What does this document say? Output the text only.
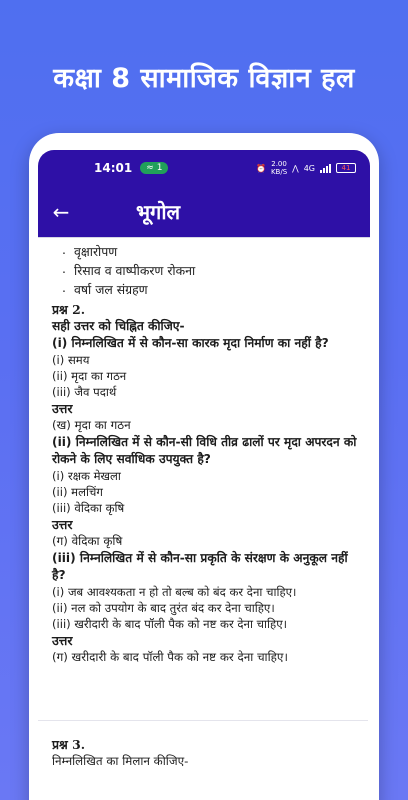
कक्षा 8 सामाजिक विज्ञान हल
14:01 ≈ 1	⏰ 2.00
KB/S ⋀ 4G	41
←	भूगोल
. वृक्षारोपण
. रिसाव व वाष्पीकरण रोकना
. वर्षा जल संग्रहण
प्रश्न 2.
सही उत्तर को चिह्नित कीजिए-
(i) निम्नलिखित में से कौन-सा कारक मृदा निर्माण का नहीं है?
(i) समय
(ii) मृदा का गठन
(iii) जैव पदार्थ
उत्तर
(ख) मृदा का गठन
(ii) निम्नलिखित में से कौन-सी विधि तीव्र ढालों पर मृदा अपरदन को रोकने के लिए सर्वाधिक उपयुक्त है?
(i) रक्षक मेखला
(ii) मलचिंग
(iii) वेदिका कृषि
उत्तर
(ग) वेदिका कृषि
(iii) निम्नलिखित में से कौन-सा प्रकृति के संरक्षण के अनुकूल नहीं है?
(i) जब आवश्यकता न हो तो बल्ब को बंद कर देना चाहिए।
(ii) नल को उपयोग के बाद तुरंत बंद कर देना चाहिए।
(iii) खरीदारी के बाद पॉली पैक को नष्ट कर देना चाहिए।
उत्तर
(ग) खरीदारी के बाद पॉली पैक को नष्ट कर देना चाहिए।
प्रश्न 3.
निम्नलिखित का मिलान कीजिए-
